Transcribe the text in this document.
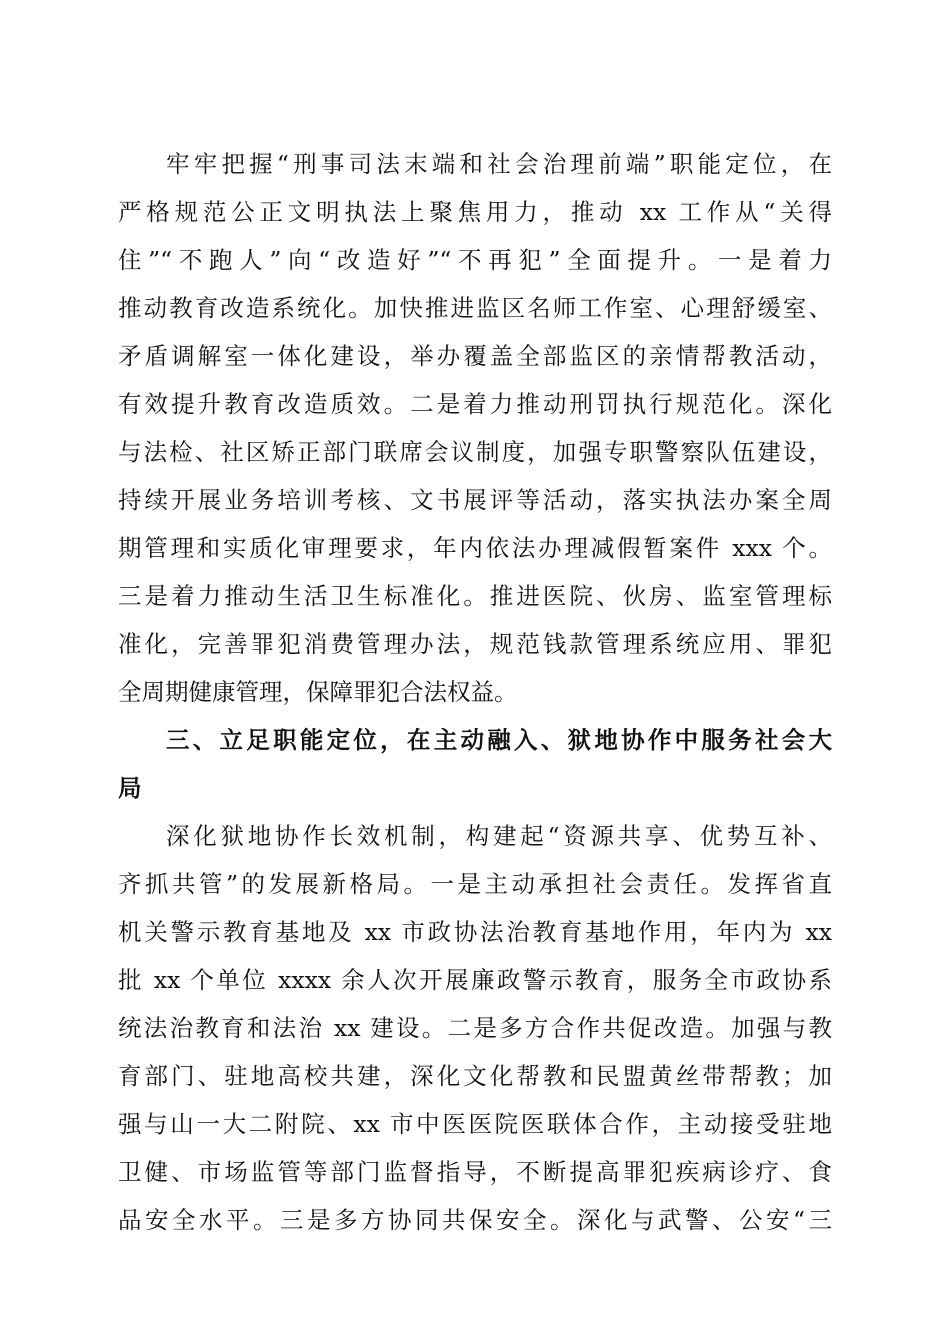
牢牢把握“刑事司法末端和社会治理前端”职能定位，在
严格规范公正文明执法上聚焦用力，推动 xx 工作从“关得
住”“不跑人”向“改造好”“不再犯”全面提升。一是着力
推动教育改造系统化。加快推进监区名师工作室、心理舒缓室、
矛盾调解室一体化建设，举办覆盖全部监区的亲情帮教活动，
有效提升教育改造质效。二是着力推动刑罚执行规范化。深化
与法检、社区矫正部门联席会议制度，加强专职警察队伍建设，
持续开展业务培训考核、文书展评等活动，落实执法办案全周
期管理和实质化审理要求，年内依法办理减假暂案件 xxx 个。
三是着力推动生活卫生标准化。推进医院、伙房、监室管理标
准化，完善罪犯消费管理办法，规范钱款管理系统应用、罪犯
全周期健康管理，保障罪犯合法权益。
三、立足职能定位，在主动融入、狱地协作中服务社会大
局
深化狱地协作长效机制，构建起“资源共享、优势互补、
齐抓共管”的发展新格局。一是主动承担社会责任。发挥省直
机关警示教育基地及 xx 市政协法治教育基地作用，年内为 xx
批 xx 个单位 xxxx 余人次开展廉政警示教育，服务全市政协系
统法治教育和法治 xx 建设。二是多方合作共促改造。加强与教
育部门、驻地高校共建，深化文化帮教和民盟黄丝带帮教；加
强与山一大二附院、xx 市中医医院医联体合作，主动接受驻地
卫健、市场监管等部门监督指导，不断提高罪犯疾病诊疗、食
品安全水平。三是多方协同共保安全。深化与武警、公安“三
